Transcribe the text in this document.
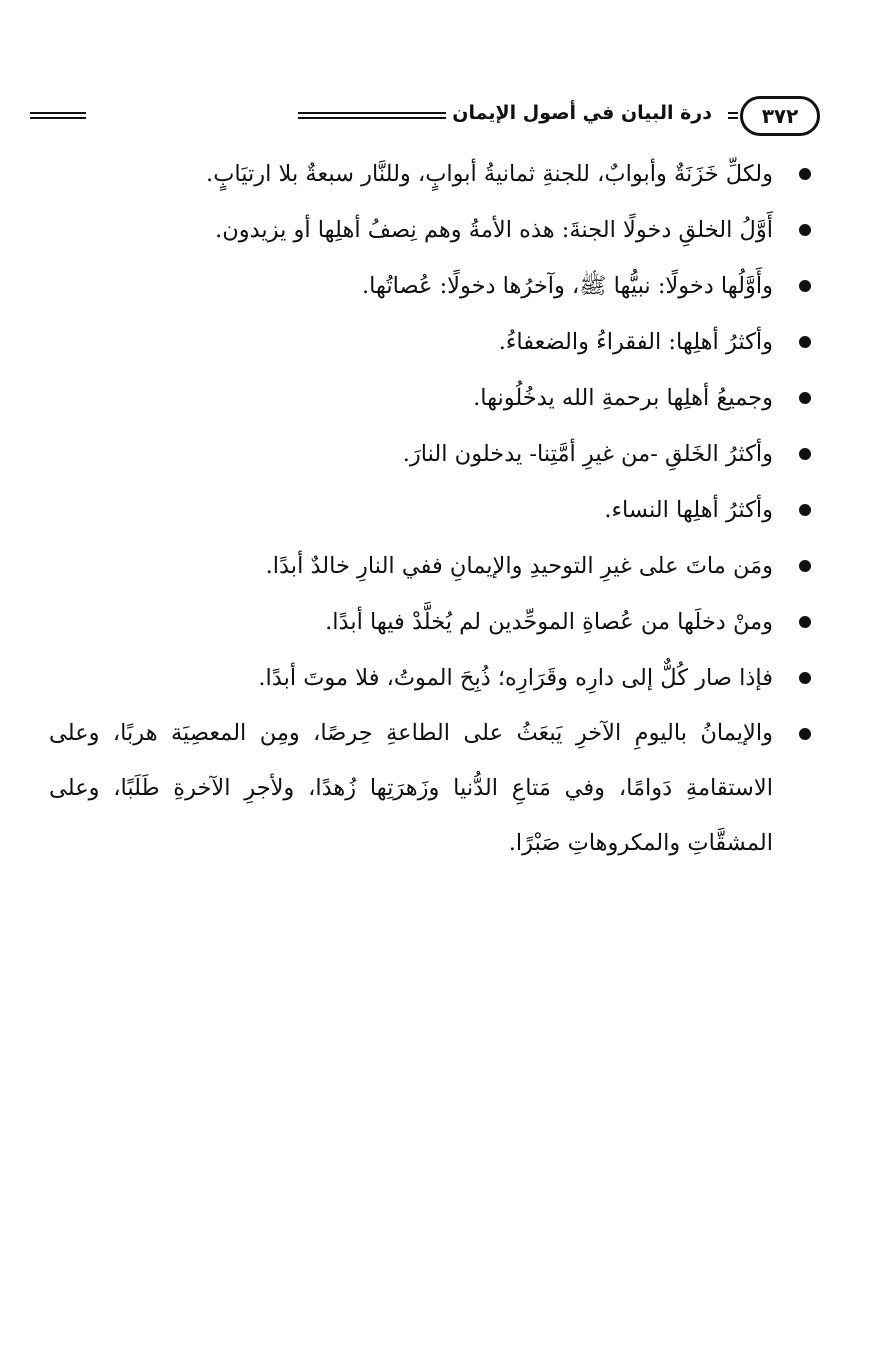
٣٧٢
درة البيان في أصول الإيمان

ولكلِّ خَزَنَةٌ وأبوابٌ، للجنةِ ثمانيةُ أبوابٍ، وللنَّار سبعةٌ بلا ارتيَابٍ.

أَوَّلُ الخلقِ دخولًا الجنةَ: هذه الأمةُ وهم نِصفُ أهلِها أو يزيدون.

وأَوَّلُها دخولًا: نبيُّها ﷺ، وآخرُها دخولًا: عُصاتُها.

وأكثرُ أهلِها: الفقراءُ والضعفاءُ.

وجميعُ أهلِها برحمةِ الله يدخُلُونها.

وأكثرُ الخَلقِ -من غيرِ أمَّتِنا- يدخلون النارَ.

وأكثرُ أهلِها النساء.

ومَن ماتَ على غيرِ التوحيدِ والإيمانِ ففي النارِ خالدٌ أبدًا.

ومنْ دخلَها من عُصاةِ الموحِّدين لم يُخلَّدْ فيها أبدًا.

فإذا صار كُلٌّ إلى دارِه وقَرَارِه؛ ذُبِحَ الموتُ، فلا موتَ أبدًا.

والإيمانُ باليومِ الآخرِ يَبعَثُ على الطاعةِ حِرصًا، ومِن المعصِيَة هربًا، وعلى الاستقامةِ دَوامًا، وفي مَتاعِ الدُّنيا وزَهرَتِها زُهدًا، ولأجرِ الآخرةِ طَلَبًا، وعلى المشقَّاتِ والمكروهاتِ صَبْرًا.
